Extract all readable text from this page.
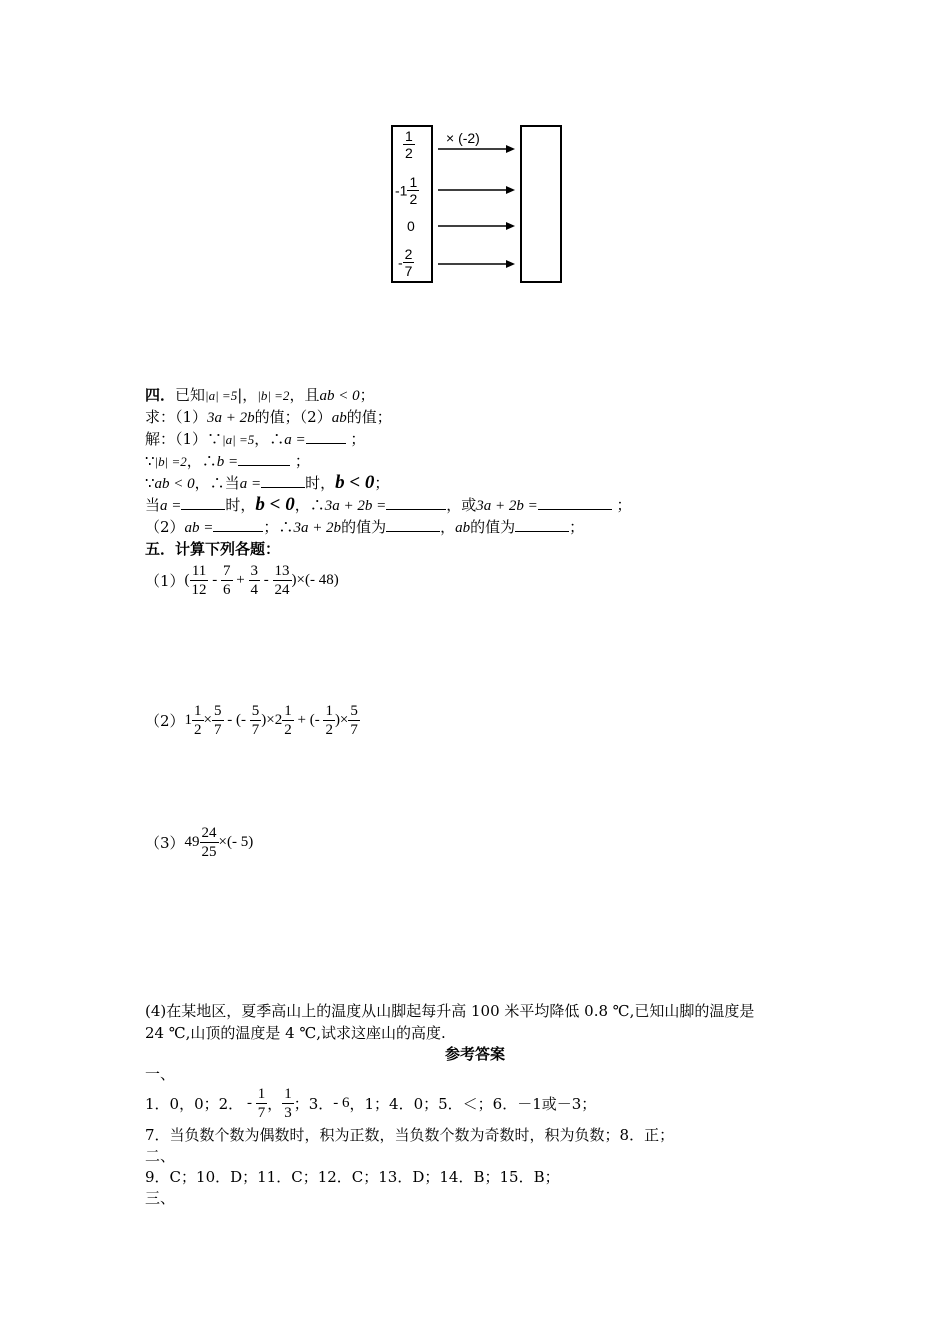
× (-2)
$\frac{1}{2}$
$-1 \frac{1}{2}$
0
- $\frac{2}{7}$
四．已知|a| =5|，|b| =2，且ab < 0；
求：（1）3a + 2b的值；（2）ab的值；
解：（1）∵|a| =5，∴a =	；
∵|b| =2，∴b =	；
∵ab < 0，∴当a =	时，b < 0；
当a =	时，b < 0，∴3a + 2b =	，或3a + 2b =	；
（2）ab =	；∴3a + 2b的值为	，ab的值为	；
五．计算下列各题：
（1） ( $\frac{11}{12} - \frac{7}{6} + \frac{3}{4} - \frac{13}{24}$ )×(- 48)
（2） $1 \frac{1}{2} \times \frac{5}{7}$ - (- $\frac{5}{7}$ )× $2 \frac{1}{2}$ + (- $\frac{1}{2}$ )× $\frac{5}{7}$
（3） $49 \frac{24}{25}$ ×(- 5)
(4)在某地区，夏季高山上的温度从山脚起每升高 100 米平均降低 0.8 ℃,已知山脚的温度是
24 ℃,山顶的温度是 4 ℃,试求这座山的高度.
参考答案
一、
1．0，0；2． - $\frac{1}{7}$ ， $\frac{1}{3}$ ；3． - 6 ，1；4．0；5．＜；6．－1或－3；
7．当负数个数为偶数时，积为正数，当负数个数为奇数时，积为负数；8．正；
二、
9．C；10．D；11．C；12．C；13．D；14．B；15．B；
三、
